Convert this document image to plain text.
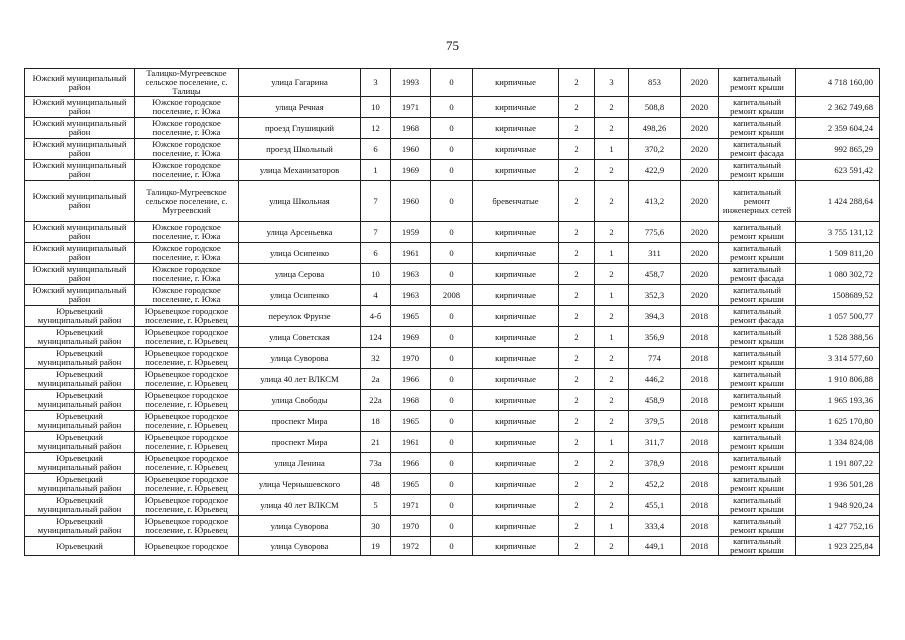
75
Южский муниципальный район	Талицко-Мугреевское сельское поселение, с. Талицы	улица Гагарина	3	1993	0	кирпичные	2	3	853	2020	капитальный ремонт крыши	4 718 160,00
Южский муниципальный район	Южское городское поселение, г. Южа	улица Речная	10	1971	0	кирпичные	2	2	508,8	2020	капитальный ремонт крыши	2 362 749,68
Южский муниципальный район	Южское городское поселение, г. Южа	проезд Глушицкий	12	1968	0	кирпичные	2	2	498,26	2020	капитальный ремонт крыши	2 359 604,24
Южский муниципальный район	Южское городское поселение, г. Южа	проезд Школьный	6	1960	0	кирпичные	2	1	370,2	2020	капитальный ремонт фасада	992 865,29
Южский муниципальный район	Южское городское поселение, г. Южа	улица Механизаторов	1	1969	0	кирпичные	2	2	422,9	2020	капитальный ремонт крыши	623 591,42
Южский муниципальный район	Талицко-Мугреевское сельское поселение, с. Мугреевский	улица Школьная	7	1960	0	бревенчатые	2	2	413,2	2020	капитальный ремонт инженерных сетей	1 424 288,64
Южский муниципальный район	Южское городское поселение, г. Южа	улица Арсеньевка	7	1959	0	кирпичные	2	2	775,6	2020	капитальный ремонт крыши	3 755 131,12
Южский муниципальный район	Южское городское поселение, г. Южа	улица Осипенко	6	1961	0	кирпичные	2	1	311	2020	капитальный ремонт крыши	1 509 811,20
Южский муниципальный район	Южское городское поселение, г. Южа	улица Серова	10	1963	0	кирпичные	2	2	458,7	2020	капитальный ремонт фасада	1 080 302,72
Южский муниципальный район	Южское городское поселение, г. Южа	улица Осипенко	4	1963	2008	кирпичные	2	1	352,3	2020	капитальный ремонт крыши	1508689,52
Юрьевецкий муниципальный район	Юрьевецкое городское поселение, г. Юрьевец	переулок Фрунзе	4-б	1965	0	кирпичные	2	2	394,3	2018	капитальный ремонт фасада	1 057 500,77
Юрьевецкий муниципальный район	Юрьевецкое городское поселение, г. Юрьевец	улица Советская	124	1969	0	кирпичные	2	1	356,9	2018	капитальный ремонт крыши	1 528 388,56
Юрьевецкий муниципальный район	Юрьевецкое городское поселение, г. Юрьевец	улица Суворова	32	1970	0	кирпичные	2	2	774	2018	капитальный ремонт крыши	3 314 577,60
Юрьевецкий муниципальный район	Юрьевецкое городское поселение, г. Юрьевец	улица 40 лет ВЛКСМ	2а	1966	0	кирпичные	2	2	446,2	2018	капитальный ремонт крыши	1 910 806,88
Юрьевецкий муниципальный район	Юрьевецкое городское поселение, г. Юрьевец	улица Свободы	22а	1968	0	кирпичные	2	2	458,9	2018	капитальный ремонт крыши	1 965 193,36
Юрьевецкий муниципальный район	Юрьевецкое городское поселение, г. Юрьевец	проспект Мира	18	1965	0	кирпичные	2	2	379,5	2018	капитальный ремонт крыши	1 625 170,80
Юрьевецкий муниципальный район	Юрьевецкое городское поселение, г. Юрьевец	проспект Мира	21	1961	0	кирпичные	2	1	311,7	2018	капитальный ремонт крыши	1 334 824,08
Юрьевецкий муниципальный район	Юрьевецкое городское поселение, г. Юрьевец	улица Ленина	73а	1966	0	кирпичные	2	2	378,9	2018	капитальный ремонт крыши	1 191 807,22
Юрьевецкий муниципальный район	Юрьевецкое городское поселение, г. Юрьевец	улица Чернышевского	48	1965	0	кирпичные	2	2	452,2	2018	капитальный ремонт крыши	1 936 501,28
Юрьевецкий муниципальный район	Юрьевецкое городское поселение, г. Юрьевец	улица 40 лет ВЛКСМ	5	1971	0	кирпичные	2	2	455,1	2018	капитальный ремонт крыши	1 948 920,24
Юрьевецкий муниципальный район	Юрьевецкое городское поселение, г. Юрьевец	улица Суворова	30	1970	0	кирпичные	2	1	333,4	2018	капитальный ремонт крыши	1 427 752,16
Юрьевецкий	Юрьевецкое городское	улица Суворова	19	1972	0	кирпичные	2	2	449,1	2018	капитальный ремонт крыши	1 923 225,84
